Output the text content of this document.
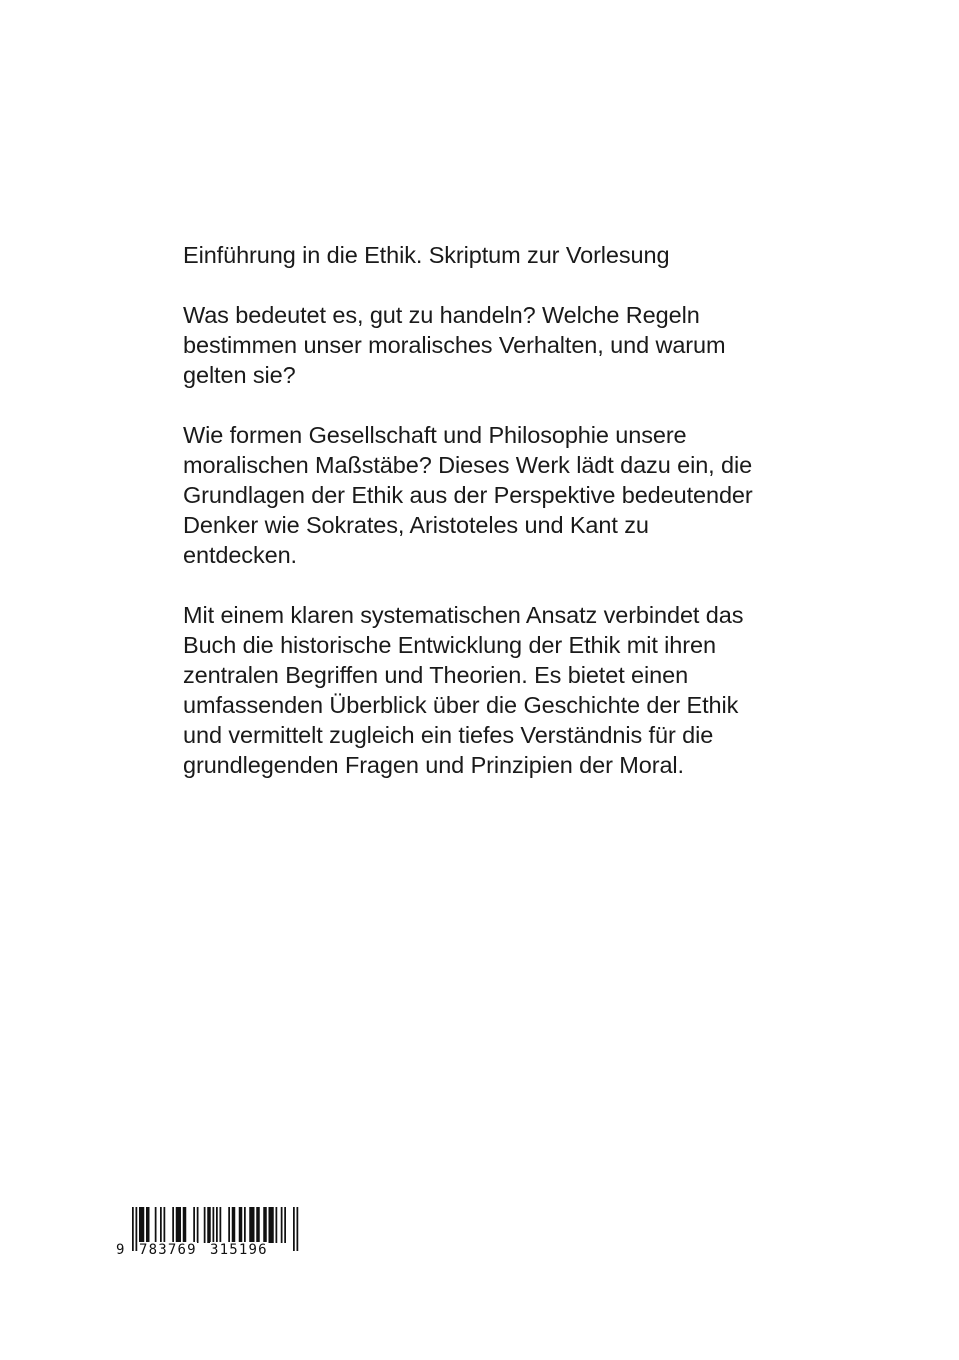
Einführung in die Ethik. Skriptum zur Vorlesung

Was bedeutet es, gut zu handeln? Welche Regeln
bestimmen unser moralisches Verhalten, und warum
gelten sie?

Wie formen Gesellschaft und Philosophie unsere
moralischen Maßstäbe? Dieses Werk lädt dazu ein, die
Grundlagen der Ethik aus der Perspektive bedeutender
Denker wie Sokrates, Aristoteles und Kant zu
entdecken.

Mit einem klaren systematischen Ansatz verbindet das
Buch die historische Entwicklung der Ethik mit ihren
zentralen Begriffen und Theorien. Es bietet einen
umfassenden Überblick über die Geschichte der Ethik
und vermittelt zugleich ein tiefes Verständnis für die
grundlegenden Fragen und Prinzipien der Moral.

9 783769 315196
